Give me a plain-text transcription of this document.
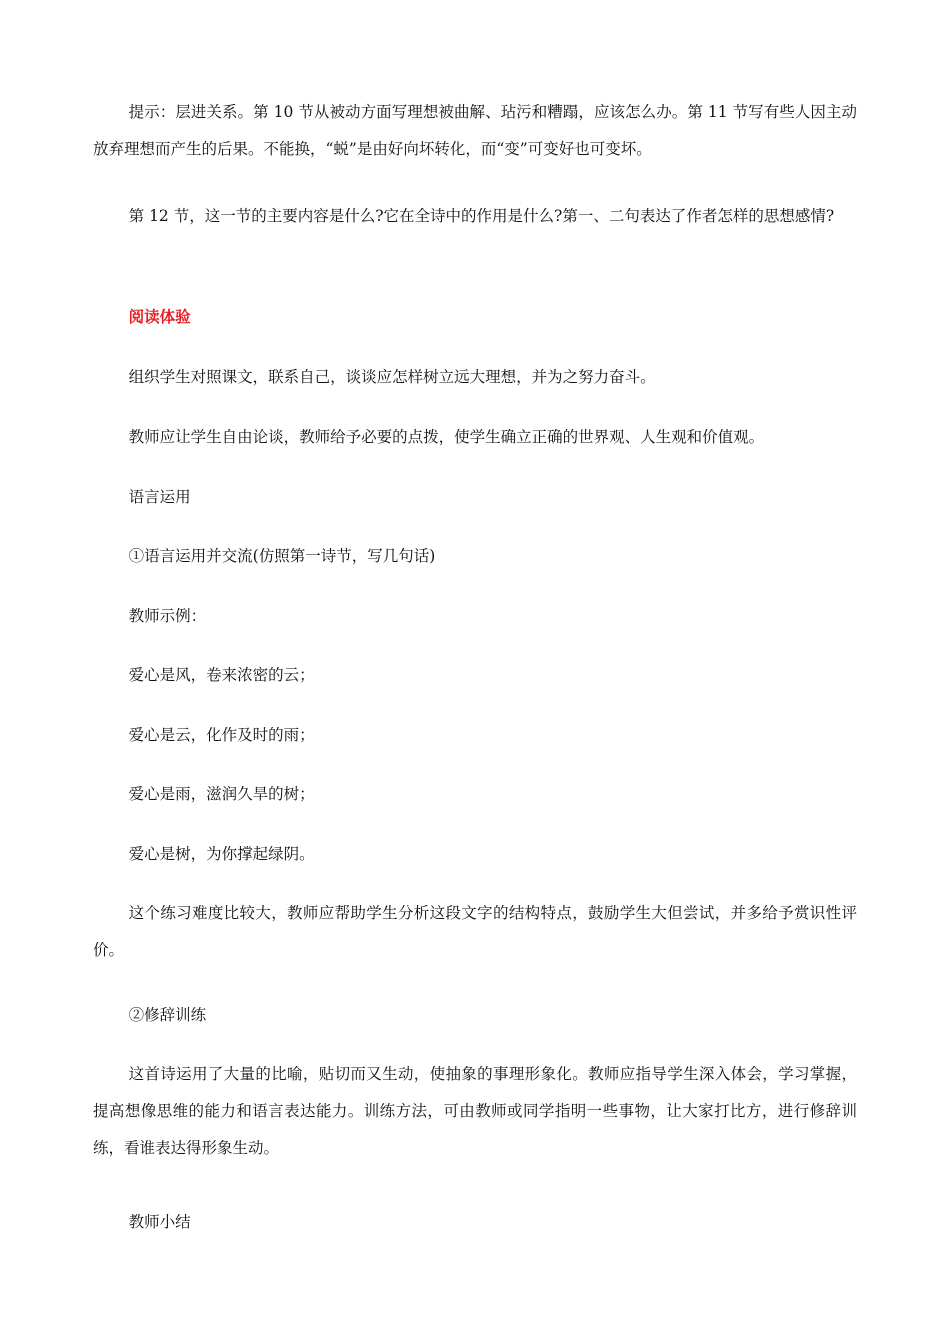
提示：层进关系。第 10 节从被动方面写理想被曲解、玷污和糟蹋，应该怎么办。第 11 节写有些人因主动放弃理想而产生的后果。不能换，“蜕”是由好向坏转化，而“变”可变好也可变坏。

第 12 节，这一节的主要内容是什么?它在全诗中的作用是什么?第一、二句表达了作者怎样的思想感情?

阅读体验

组织学生对照课文，联系自己，谈谈应怎样树立远大理想，并为之努力奋斗。

教师应让学生自由论谈，教师给予必要的点拨，使学生确立正确的世界观、人生观和价值观。

语言运用

①语言运用并交流(仿照第一诗节，写几句话)

教师示例：

爱心是风，卷来浓密的云；

爱心是云，化作及时的雨；

爱心是雨，滋润久旱的树；

爱心是树，为你撑起绿阴。

这个练习难度比较大，教师应帮助学生分析这段文字的结构特点，鼓励学生大但尝试，并多给予赏识性评价。

②修辞训练

这首诗运用了大量的比喻，贴切而又生动，使抽象的事理形象化。教师应指导学生深入体会，学习掌握，提高想像思维的能力和语言表达能力。训练方法，可由教师或同学指明一些事物，让大家打比方，进行修辞训练，看谁表达得形象生动。

教师小结
